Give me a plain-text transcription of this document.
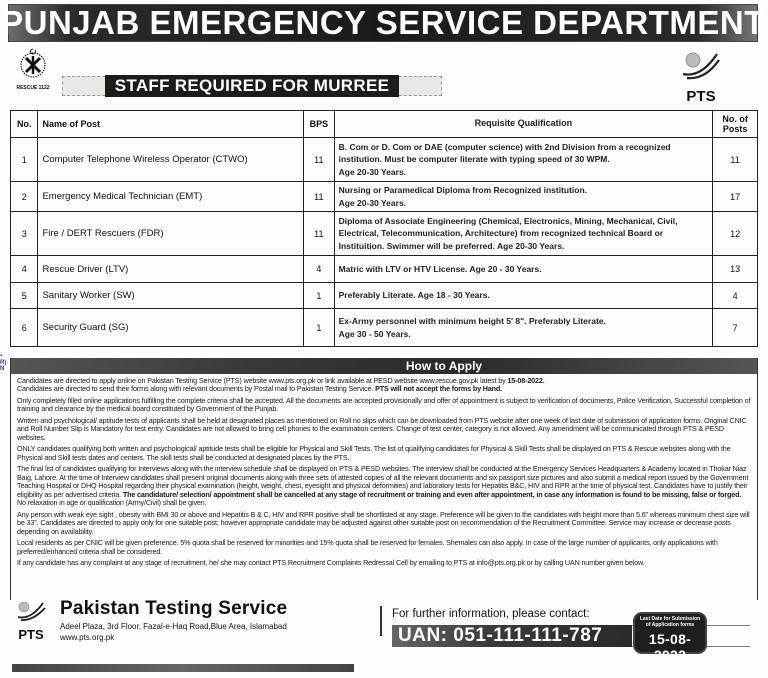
PUNJAB EMERGENCY SERVICE DEPARTMENT
RESCUE 1122	STAFF REQUIRED FOR MURREE
PTS
No.	Name of Post	BPS	Requisite Qualification	No. of Posts
1	Computer Telephone Wireless Operator (CTWO)	11	B. Com or D. Com or DAE (computer science) with 2nd Division from a recognized
institution. Must be computer literate with typing speed of 30 WPM.
Age 20-30 Years.	11
2	Emergency Medical Technician (EMT)	11	Nursing or Paramedical Diploma from Recognized institution.
Age 20-30 Years.	17
3	Fire / DERT Rescuers (FDR)	11	Diploma of Associate Engineering (Chemical, Electronics, Mining, Mechanical, Civil,
Electrical, Telecommunication, Architecture) from recognized technical Board or
Instituition. Swimmer will be preferred. Age 20-30 Years.	12
4	Rescue Driver (LTV)	4	Matric with LTV or HTV License. Age 20 - 30 Years.	13
5	Sanitary Worker (SW)	1	Preferably Literate. Age 18 - 30 Years.	4
6	Security Guard (SG)	1	Ex-Army personnel with minimum height 5' 8". Preferably Literate.
Age 30 - 50 Years.	7
▪
R)
N	How to Apply
Candidates are directed to apply online on Pakistan Testing Service (PTS) website www.pts.org.pk or link available at PESD website www.rescue.gov.pk latest by 15-08-2022.
Candidates are directed to send their forms along with relevant documents by Postal mail to Pakistan Testing Service. PTS will not accept the forms by Hand.
Only completely filled online applications fulfilling the complete criteria shall be accepted. All the documents are accepted provisionally and offer of appointment is subject to verification of documents, Police Verification, Successful completion of training and clearance by the medical board constituted by Government of the Punjab.
Written and psychological/ aptitude tests of applicants shall be held at designated places as mentioned on Roll no slips which can be downloaded from PTS website after one week of last date of submission of application forms. Original CNIC and Roll Number Slip is Mandatory for test entry. Candidates are not allowed to bring cell phones to the examination centers. Change of test center, category is not allowed. Any amendment will be communicated through PTS & PESD websites.
ONLY candidates qualifying both written and psychological/ aptitude tests shall be eligible for Physical and Skill Tests. The list of qualifying candidates for Physical & Skill Tests shall be displayed on PTS & Rescue websites along with the Physical and Skill tests dates and centers. The skill tests shall be conducted at designated places by the PTS.
The final list of candidates qualifying for Interviews along with the interview schedule shall be displayed on PTS & PESD websites. The interview shall be conducted at the Emergency Services Headquarters & Academy located in Thokar Niaz Baig, Lahore. At the time of Interview candidates shall present original documents along with three sets of attested copies of all the relevant documents and six passport size pictures and also submit a medical report issued by the Government Teaching Hospital or DHQ Hospital regarding their physical examination (height, weight, chest, eyesight and physical deformities) and laboratory tests for Hepatitis B&C, HIV and RPR at the time of physical test. Candidates have to justify their eligibility as per advertised criteria. The candidature/ selection/ appointment shall be cancelled at any stage of recruitment or training and even after appointment, in case any information is found to be missing, false or forged. No relaxation in age or qualification (Army/Civil) shall be given.
Any person with weak eye sight , obesity with BMI 30 or above and Hepatitis B & C, HIV and RPR positive shall be shortlisted at any stage. Preference will be given to the candidates with height more than 5.6" whereas minimum chest size will be 33". Candidates are directed to apply only for one suitable post; however appropriate candidate may be adjusted against other suitable post on recommendation of the Recruitment Committee. Service may increase or decrease posts depending on availability.
Local residents as per CNIC will be given preference. 5% quota shall be reserved for minorities and 15% quota shall be reserved for females. Shemales can also apply. In case of the large number of applicants, only applications with preferred/enhanced criteria shall be considered.
If any candidate has any complaint at any stage of recruitment, he/ she may contact PTS Recruitment Complaints Redressal Cell by emailing to PTS at info@pts.org.pk or by calling UAN number given below.
PTS
Pakistan Testing Service
Adeel Plaza, 3rd Floor, Fazal-e-Haq Road,Blue Area, Islamabad
www.pts.org.pk
For further information, please contact:
UAN: 051-111-111-787
Last Date for Submission of Application forms
15-08-2022
